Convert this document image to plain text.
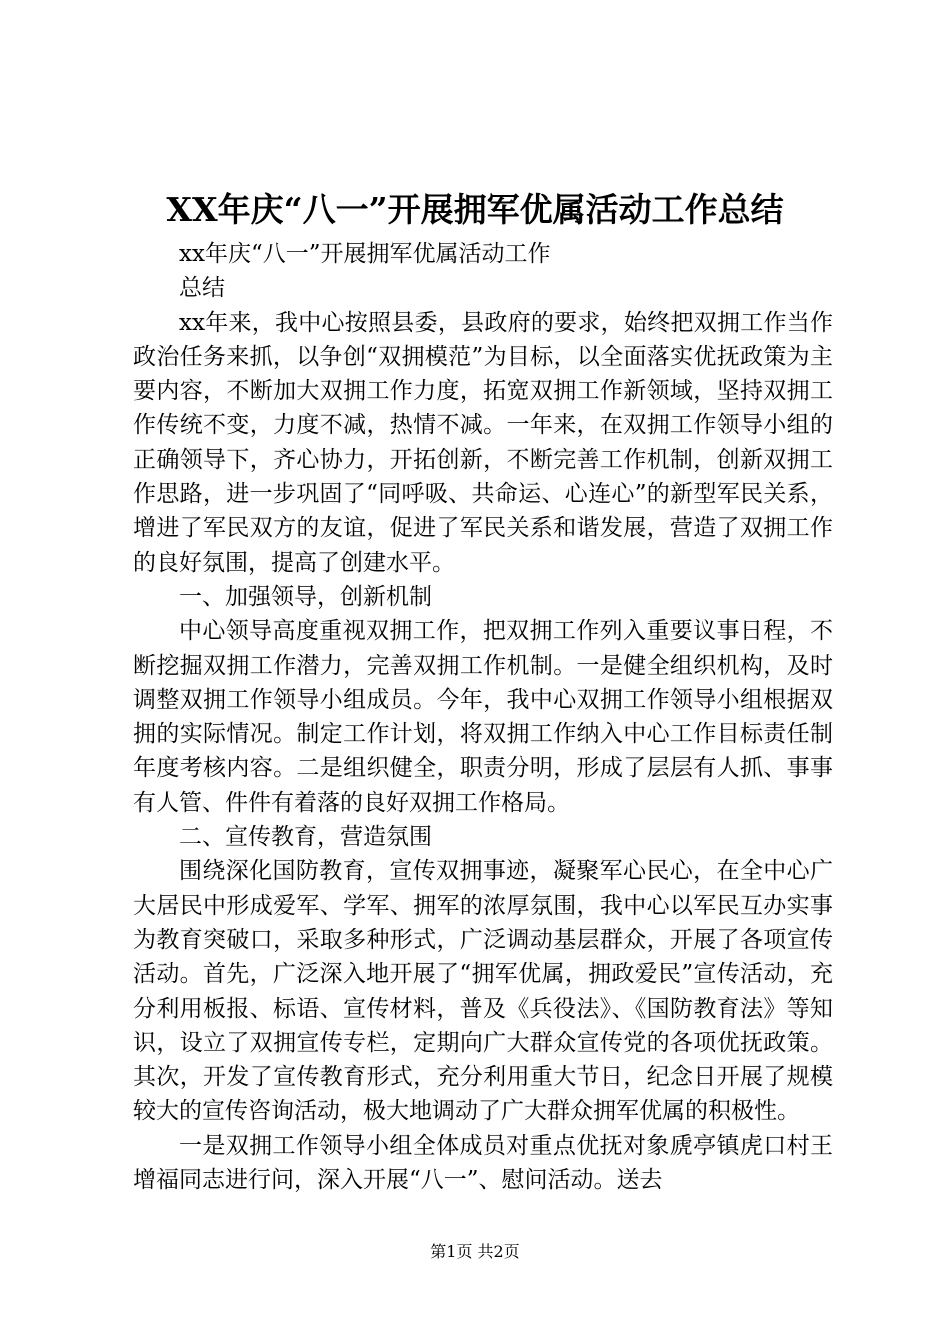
XX年庆“八一”开展拥军优属活动工作总结

xx年庆“八一”开展拥军优属活动工作

总结

xx年来，我中心按照县委，县政府的要求，始终把双拥工作当作政治任务来抓，以争创“双拥模范”为目标，以全面落实优抚政策为主要内容，不断加大双拥工作力度，拓宽双拥工作新领域，坚持双拥工作传统不变，力度不减，热情不减。一年来，在双拥工作领导小组的正确领导下，齐心协力，开拓创新，不断完善工作机制，创新双拥工作思路，进一步巩固了“同呼吸、共命运、心连心”的新型军民关系，增进了军民双方的友谊，促进了军民关系和谐发展，营造了双拥工作的良好氛围，提高了创建水平。

一、加强领导，创新机制

中心领导高度重视双拥工作，把双拥工作列入重要议事日程，不断挖掘双拥工作潜力，完善双拥工作机制。一是健全组织机构，及时调整双拥工作领导小组成员。今年，我中心双拥工作领导小组根据双拥的实际情况。制定工作计划，将双拥工作纳入中心工作目标责任制年度考核内容。二是组织健全，职责分明，形成了层层有人抓、事事有人管、件件有着落的良好双拥工作格局。

二、宣传教育，营造氛围

围绕深化国防教育，宣传双拥事迹，凝聚军心民心，在全中心广大居民中形成爱军、学军、拥军的浓厚氛围，我中心以军民互办实事为教育突破口，采取多种形式，广泛调动基层群众，开展了各项宣传活动。首先，广泛深入地开展了“拥军优属，拥政爱民”宣传活动，充分利用板报、标语、宣传材料，普及《兵役法》、《国防教育法》等知识，设立了双拥宣传专栏，定期向广大群众宣传党的各项优抚政策。其次，开发了宣传教育形式，充分利用重大节日，纪念日开展了规模较大的宣传咨询活动，极大地调动了广大群众拥军优属的积极性。

一是双拥工作领导小组全体成员对重点优抚对象虒亭镇虎口村王增福同志进行问，深入开展“八一”、慰问活动。送去

第1页 共2页
